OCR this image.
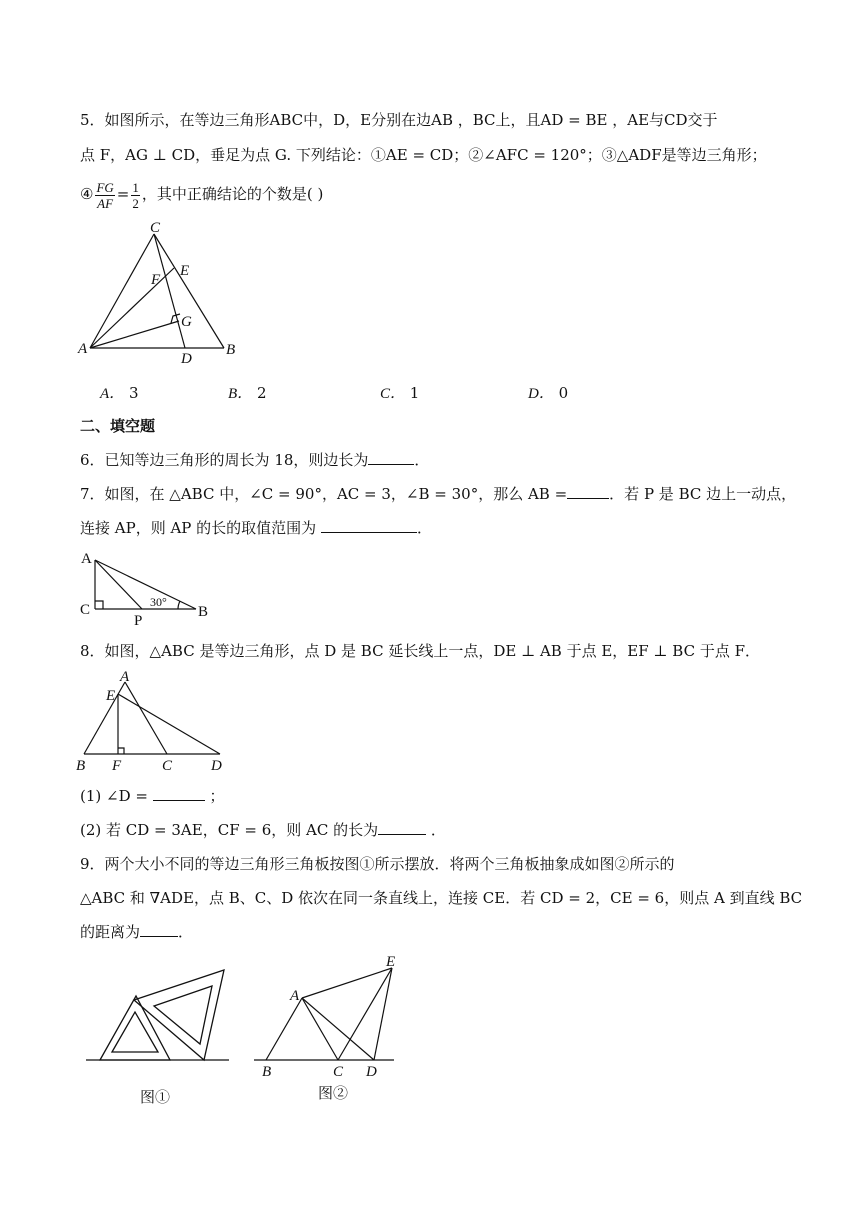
5．如图所示，在等边三角形ABC中，D，E分别在边AB ，BC上，且AD = BE ，AE与CD交于
点 F，AG ⊥ CD，垂足为点 G. 下列结论：①AE = CD；②∠AFC = 120°；③△ADF是等边三角形；
④ $\frac{FG}{AF} = \frac{1}{2}$ ，其中正确结论的个数是( )
C
E
F
G
A
D
B
A． 3	B． 2	C． 1	D． 0
二、填空题
6．已知等边三角形的周长为 18，则边长为	．
7．如图，在 △ABC 中，∠C = 90°，AC = 3，∠B = 30°，那么 AB =	．若 P 是 BC 边上一动点，
连接 AP，则 AP 的长的取值范围为	．
A
C
P
B
30°
8．如图，△ABC 是等边三角形，点 D 是 BC 延长线上一点，DE ⊥ AB 于点 E，EF ⊥ BC 于点 F．
A
E
B F	C	D
(1) ∠D =	；
(2) 若 CD = 3AE，CF = 6，则 AC 的长为	．
9．两个大小不同的等边三角形三角板按图①所示摆放．将两个三角板抽象成如图②所示的
△ABC 和 ∇ADE，点 B、C、D 依次在同一条直线上，连接 CE．若 CD = 2，CE = 6，则点 A 到直线 BC
的距离为	．
图①
A
E
B	C D
图②
